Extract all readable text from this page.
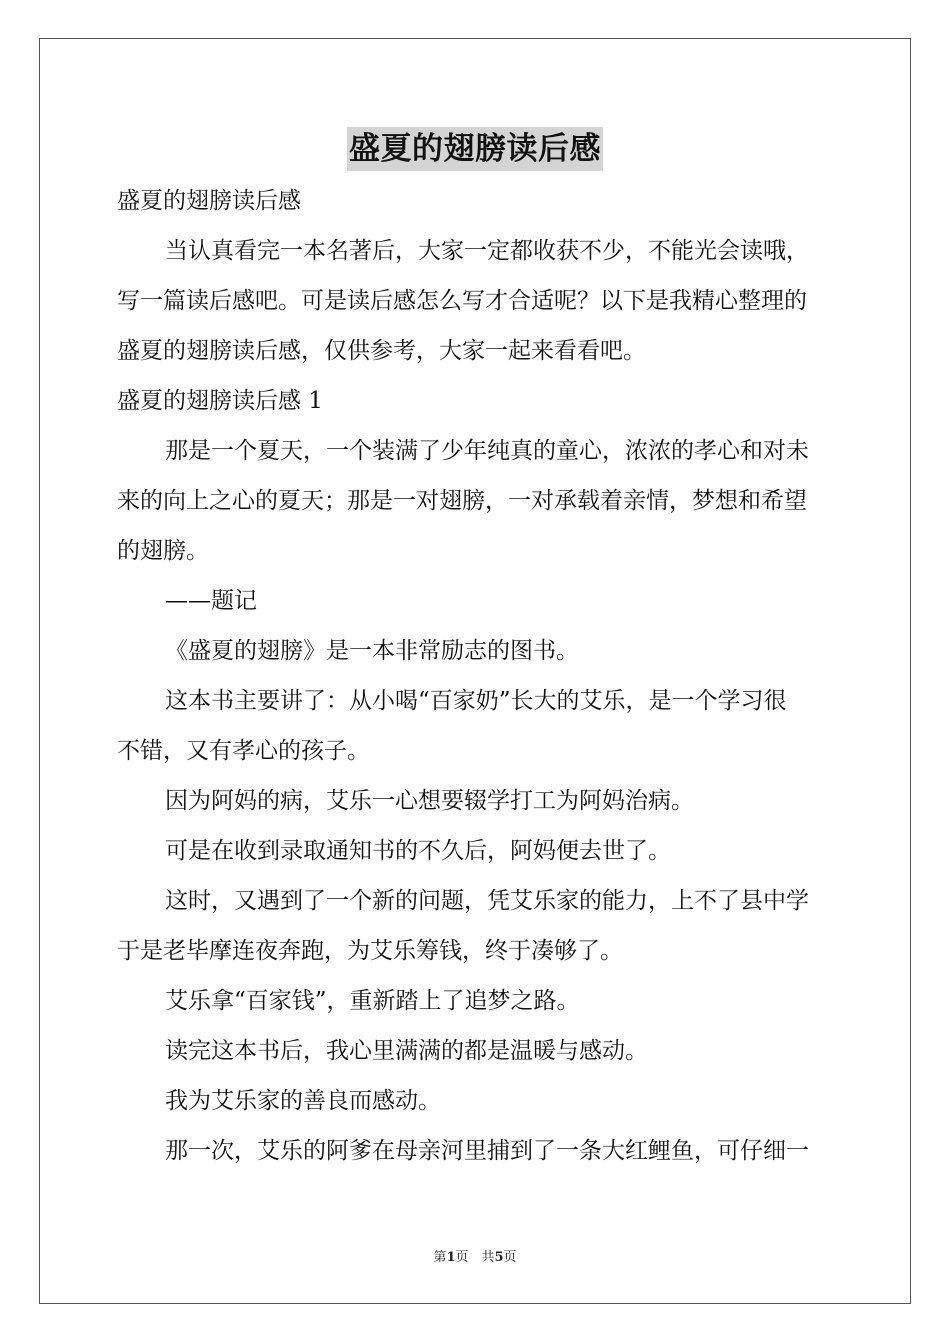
盛夏的翅膀读后感
盛夏的翅膀读后感
当认真看完一本名著后，大家一定都收获不少，不能光会读哦，
写一篇读后感吧。可是读后感怎么写才合适呢？以下是我精心整理的
盛夏的翅膀读后感，仅供参考，大家一起来看看吧。
盛夏的翅膀读后感 1
那是一个夏天，一个装满了少年纯真的童心，浓浓的孝心和对未
来的向上之心的夏天；那是一对翅膀，一对承载着亲情，梦想和希望
的翅膀。
——题记
《盛夏的翅膀》是一本非常励志的图书。
这本书主要讲了：从小喝“百家奶”长大的艾乐，是一个学习很
不错，又有孝心的孩子。
因为阿妈的病，艾乐一心想要辍学打工为阿妈治病。
可是在收到录取通知书的不久后，阿妈便去世了。
这时，又遇到了一个新的问题，凭艾乐家的能力，上不了县中学
于是老毕摩连夜奔跑，为艾乐筹钱，终于凑够了。
艾乐拿“百家钱”，重新踏上了追梦之路。
读完这本书后，我心里满满的都是温暖与感动。
我为艾乐家的善良而感动。
那一次，艾乐的阿爹在母亲河里捕到了一条大红鲤鱼，可仔细一
第1页　共5页
